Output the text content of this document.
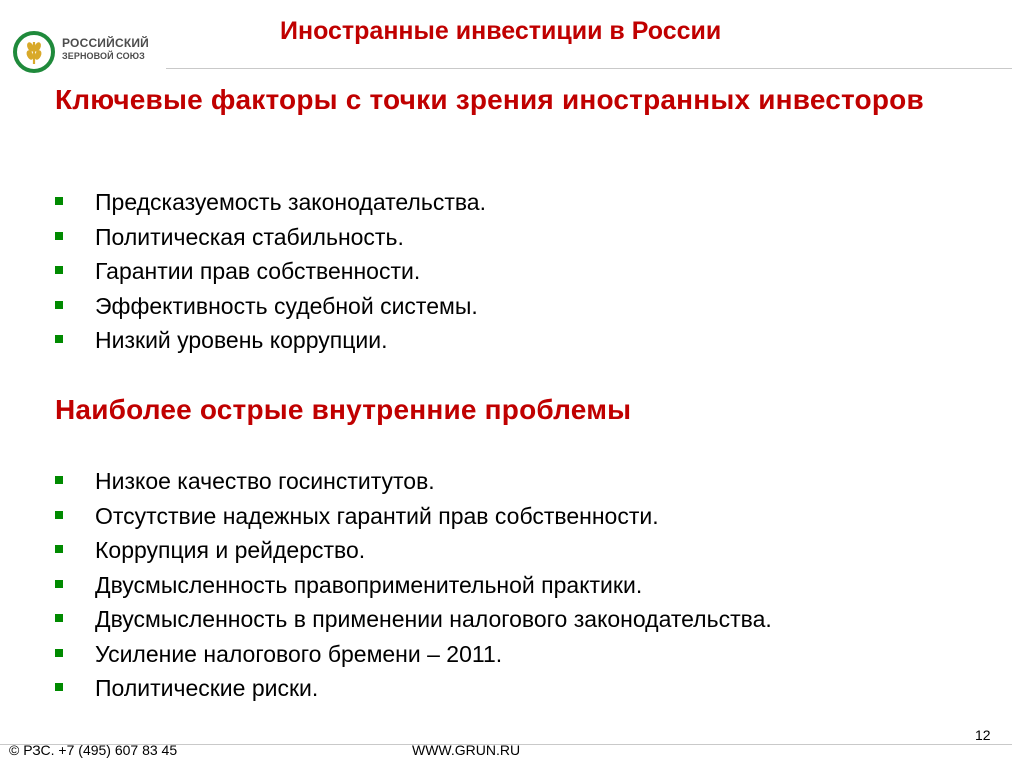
РОССИЙСКИЙ
ЗЕРНОВОЙ СОЮЗ
Иностранные инвестиции в России
Ключевые факторы с точки зрения иностранных инвесторов
Предсказуемость законодательства.
Политическая стабильность.
Гарантии прав собственности.
Эффективность судебной системы.
Низкий уровень коррупции.
Наиболее острые внутренние проблемы
Низкое качество госинститутов.
Отсутствие надежных гарантий прав собственности.
Коррупция и рейдерство.
Двусмысленность правоприменительной практики.
Двусмысленность в применении налогового законодательства.
Усиление налогового бремени – 2011.
Политические риски.
12
© РЗС. +7 (495) 607 83 45	WWW.GRUN.RU
